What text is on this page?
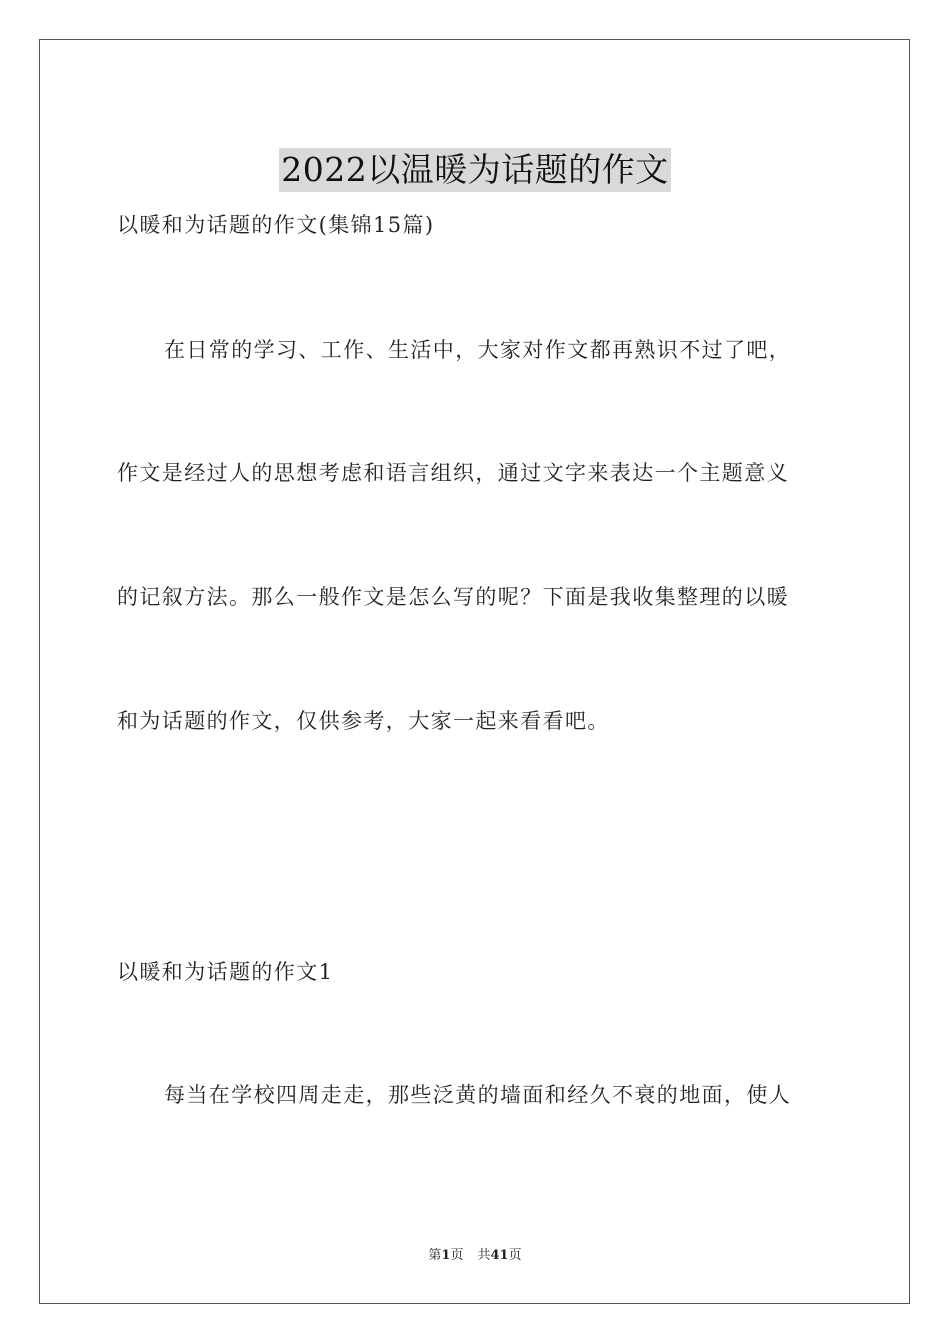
2022以温暖为话题的作文
以暖和为话题的作文(集锦15篇)
在日常的学习、工作、生活中，大家对作文都再熟识不过了吧，
作文是经过人的思想考虑和语言组织，通过文字来表达一个主题意义
的记叙方法。那么一般作文是怎么写的呢？下面是我收集整理的以暖
和为话题的作文，仅供参考，大家一起来看看吧。
以暖和为话题的作文1
每当在学校四周走走，那些泛黄的墙面和经久不衰的地面，使人
第1页 共41页
